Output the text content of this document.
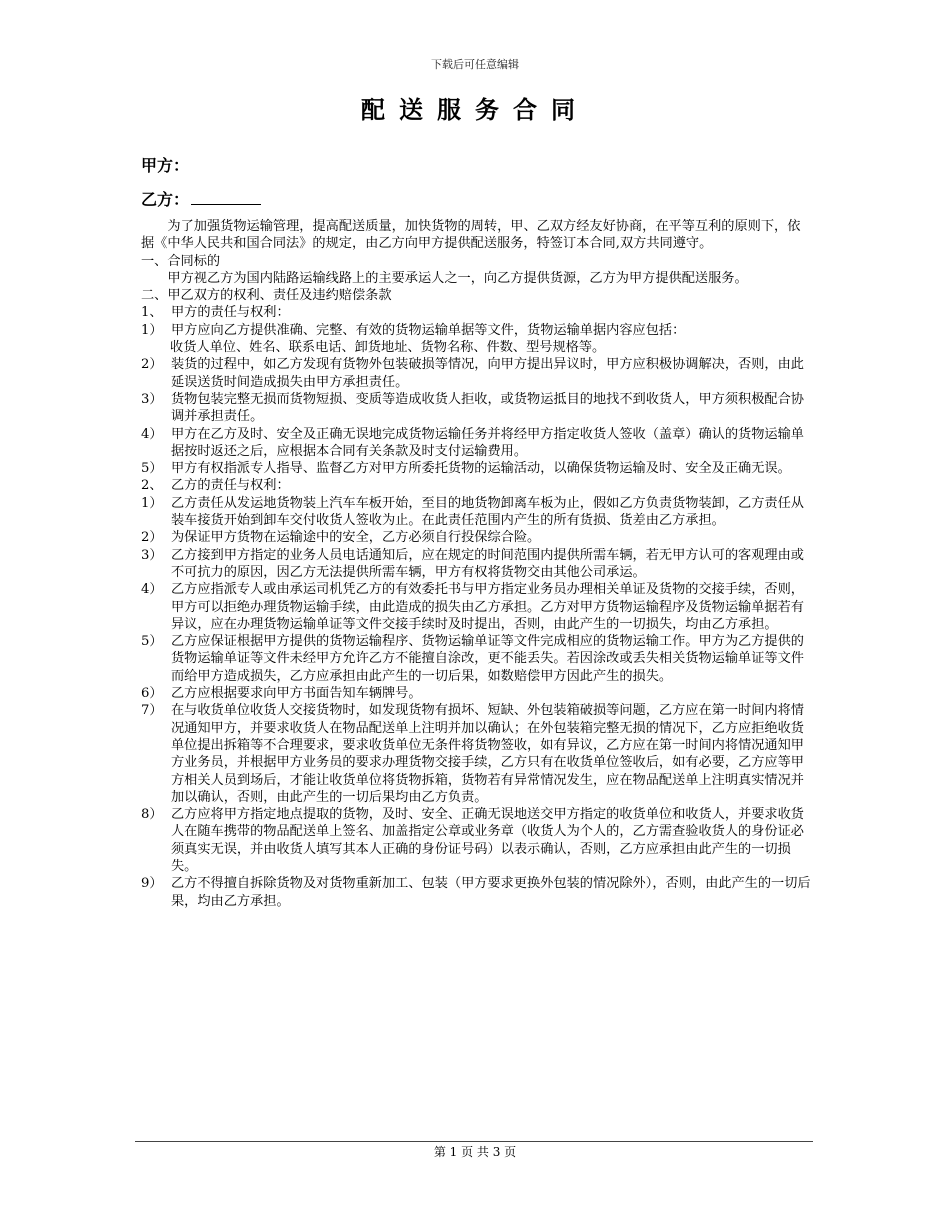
下载后可任意编辑
配送服务合同
甲方：
乙方：

为了加强货物运输管理，提高配送质量，加快货物的周转，甲、乙双方经友好协商，在平等互利的原则下，依据《中华人民共和国合同法》的规定，由乙方向甲方提供配送服务，特签订本合同,双方共同遵守。

一、合同标的

甲方视乙方为国内陆路运输线路上的主要承运人之一，向乙方提供货源，乙方为甲方提供配送服务。

二、甲乙双方的权利、责任及违约赔偿条款

1、 甲方的责任与权利：
1） 甲方应向乙方提供准确、完整、有效的货物运输单据等文件，货物运输单据内容应包括：

收货人单位、姓名、联系电话、卸货地址、货物名称、件数、型号规格等。

2） 装货的过程中，如乙方发现有货物外包装破损等情况，向甲方提出异议时，甲方应积极协调解决，否则，由此延误送货时间造成损失由甲方承担责任。
3） 货物包装完整无损而货物短损、变质等造成收货人拒收，或货物运抵目的地找不到收货人，甲方须积极配合协调并承担责任。
4） 甲方在乙方及时、安全及正确无误地完成货物运输任务并将经甲方指定收货人签收（盖章）确认的货物运输单据按时返还之后，应根据本合同有关条款及时支付运输费用。
5） 甲方有权指派专人指导、监督乙方对甲方所委托货物的运输活动，以确保货物运输及时、安全及正确无误。
2、 乙方的责任与权利：
1） 乙方责任从发运地货物装上汽车车板开始，至目的地货物卸离车板为止，假如乙方负责货物装卸，乙方责任从装车接货开始到卸车交付收货人签收为止。在此责任范围内产生的所有货损、货差由乙方承担。
2） 为保证甲方货物在运输途中的安全，乙方必须自行投保综合险。
3） 乙方接到甲方指定的业务人员电话通知后，应在规定的时间范围内提供所需车辆，若无甲方认可的客观理由或不可抗力的原因，因乙方无法提供所需车辆，甲方有权将货物交由其他公司承运。
4） 乙方应指派专人或由承运司机凭乙方的有效委托书与甲方指定业务员办理相关单证及货物的交接手续，否则，甲方可以拒绝办理货物运输手续，由此造成的损失由乙方承担。乙方对甲方货物运输程序及货物运输单据若有异议，应在办理货物运输单证等文件交接手续时及时提出，否则，由此产生的一切损失，均由乙方承担。
5） 乙方应保证根据甲方提供的货物运输程序、货物运输单证等文件完成相应的货物运输工作。甲方为乙方提供的货物运输单证等文件未经甲方允许乙方不能擅自涂改，更不能丢失。若因涂改或丢失相关货物运输单证等文件而给甲方造成损失，乙方应承担由此产生的一切后果，如数赔偿甲方因此产生的损失。
6） 乙方应根据要求向甲方书面告知车辆牌号。
7） 在与收货单位收货人交接货物时，如发现货物有损坏、短缺、外包装箱破损等问题，乙方应在第一时间内将情况通知甲方，并要求收货人在物品配送单上注明并加以确认；在外包装箱完整无损的情况下，乙方应拒绝收货单位提出拆箱等不合理要求，要求收货单位无条件将货物签收，如有异议，乙方应在第一时间内将情况通知甲方业务员，并根据甲方业务员的要求办理货物交接手续，乙方只有在收货单位签收后，如有必要，乙方应等甲方相关人员到场后，才能让收货单位将货物拆箱，货物若有异常情况发生，应在物品配送单上注明真实情况并加以确认，否则，由此产生的一切后果均由乙方负责。
8） 乙方应将甲方指定地点提取的货物，及时、安全、正确无误地送交甲方指定的收货单位和收货人，并要求收货人在随车携带的物品配送单上签名、加盖指定公章或业务章（收货人为个人的，乙方需查验收货人的身份证必须真实无误，并由收货人填写其本人正确的身份证号码）以表示确认，否则，乙方应承担由此产生的一切损失。
9） 乙方不得擅自拆除货物及对货物重新加工、包装（甲方要求更换外包装的情况除外），否则，由此产生的一切后果，均由乙方承担。
第 1 页 共 3 页
